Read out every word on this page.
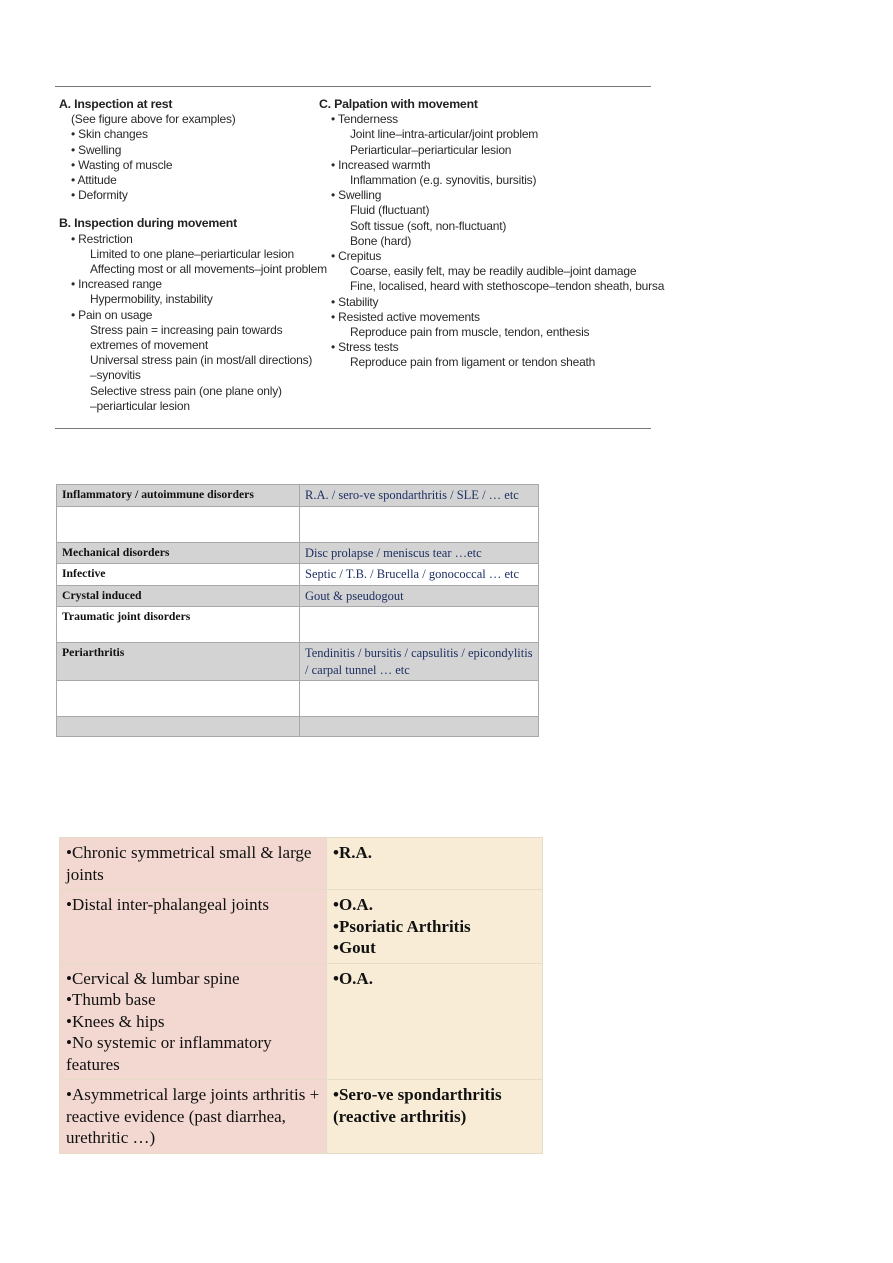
A. Inspection at rest
(See figure above for examples)
• Skin changes
• Swelling
• Wasting of muscle
• Attitude
• Deformity
B. Inspection during movement
• Restriction
Limited to one plane–periarticular lesion
Affecting most or all movements–joint problem
• Increased range
Hypermobility, instability
• Pain on usage
Stress pain = increasing pain towards
extremes of movement
Universal stress pain (in most/all directions)
–synovitis
Selective stress pain (one plane only)
–periarticular lesion
C. Palpation with movement
• Tenderness
Joint line–intra-articular/joint problem
Periarticular–periarticular lesion
• Increased warmth
Inflammation (e.g. synovitis, bursitis)
• Swelling
Fluid (fluctuant)
Soft tissue (soft, non-fluctuant)
Bone (hard)
• Crepitus
Coarse, easily felt, may be readily audible–joint damage
Fine, localised, heard with stethoscope–tendon sheath, bursa
• Stability
• Resisted active movements
Reproduce pain from muscle, tendon, enthesis
• Stress tests
Reproduce pain from ligament or tendon sheath
Inflammatory / autoimmune disorders	R.A. / sero-ve spondarthritis / SLE / … etc

Mechanical disorders	Disc prolapse / meniscus tear …etc
Infective	Septic / T.B. / Brucella / gonococcal … etc
Crystal induced	Gout & pseudogout
Traumatic joint disorders	
Periarthritis	Tendinitis / bursitis / capsulitis / epicondylitis / carpal tunnel … etc

•Chronic symmetrical small & large joints	•R.A.

•Distal inter-phalangeal joints	•O.A.
•Psoriatic Arthritis
•Gout

•Cervical & lumbar spine
•Thumb base
•Knees & hips
•No systemic or inflammatory features	•O.A.

•Asymmetrical large joints arthritis + reactive evidence (past diarrhea, urethritic …)	•Sero-ve spondarthritis (reactive arthritis)
